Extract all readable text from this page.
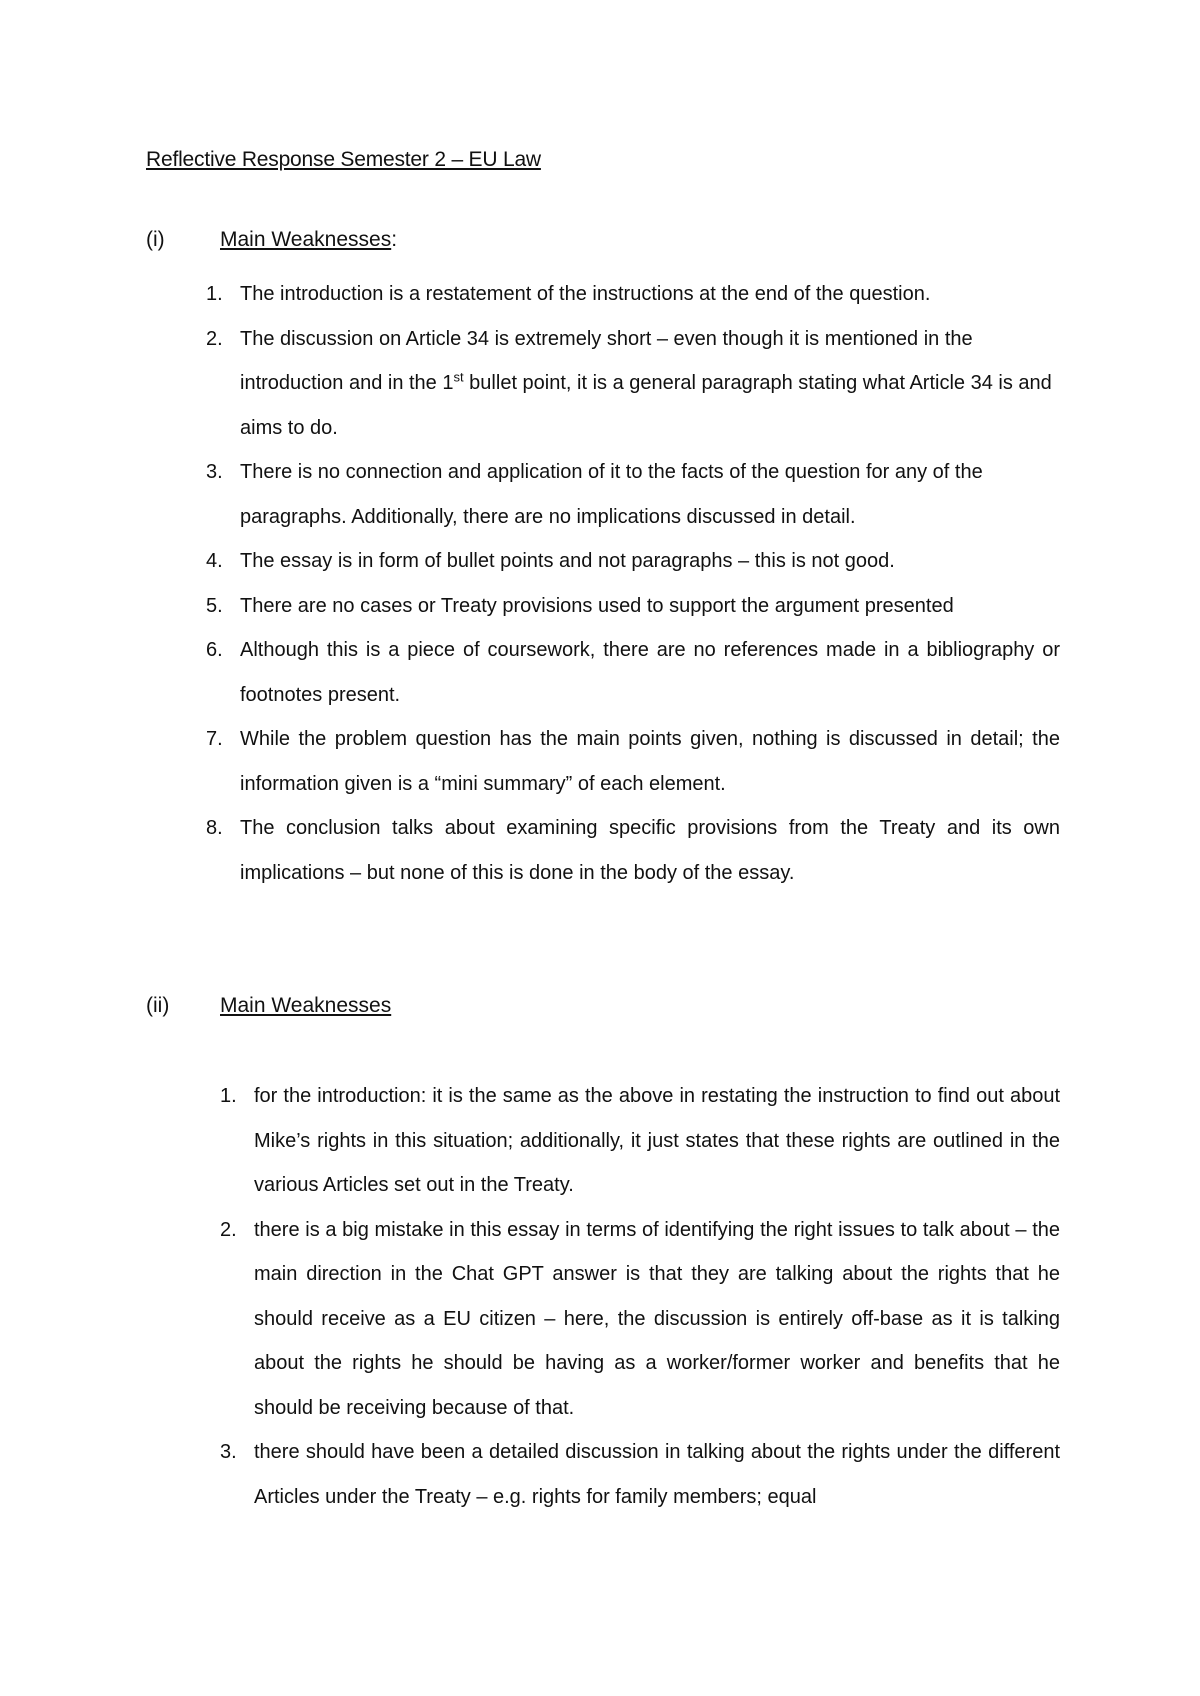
Reflective Response Semester 2 – EU Law
(i)	Main Weaknesses:
1. The introduction is a restatement of the instructions at the end of the question.
2. The discussion on Article 34 is extremely short – even though it is mentioned in the introduction and in the 1st bullet point, it is a general paragraph stating what Article 34 is and aims to do.
3. There is no connection and application of it to the facts of the question for any of the paragraphs. Additionally, there are no implications discussed in detail.
4. The essay is in form of bullet points and not paragraphs – this is not good.
5. There are no cases or Treaty provisions used to support the argument presented
6. Although this is a piece of coursework, there are no references made in a bibliography or footnotes present.
7. While the problem question has the main points given, nothing is discussed in detail; the information given is a “mini summary” of each element.
8. The conclusion talks about examining specific provisions from the Treaty and its own implications – but none of this is done in the body of the essay.
(ii) Main Weaknesses
1. for the introduction: it is the same as the above in restating the instruction to find out about Mike’s rights in this situation; additionally, it just states that these rights are outlined in the various Articles set out in the Treaty.
2. there is a big mistake in this essay in terms of identifying the right issues to talk about – the main direction in the Chat GPT answer is that they are talking about the rights that he should receive as a EU citizen – here, the discussion is entirely off-base as it is talking about the rights he should be having as a worker/former worker and benefits that he should be receiving because of that.
3. there should have been a detailed discussion in talking about the rights under the different Articles under the Treaty – e.g. rights for family members; equal
